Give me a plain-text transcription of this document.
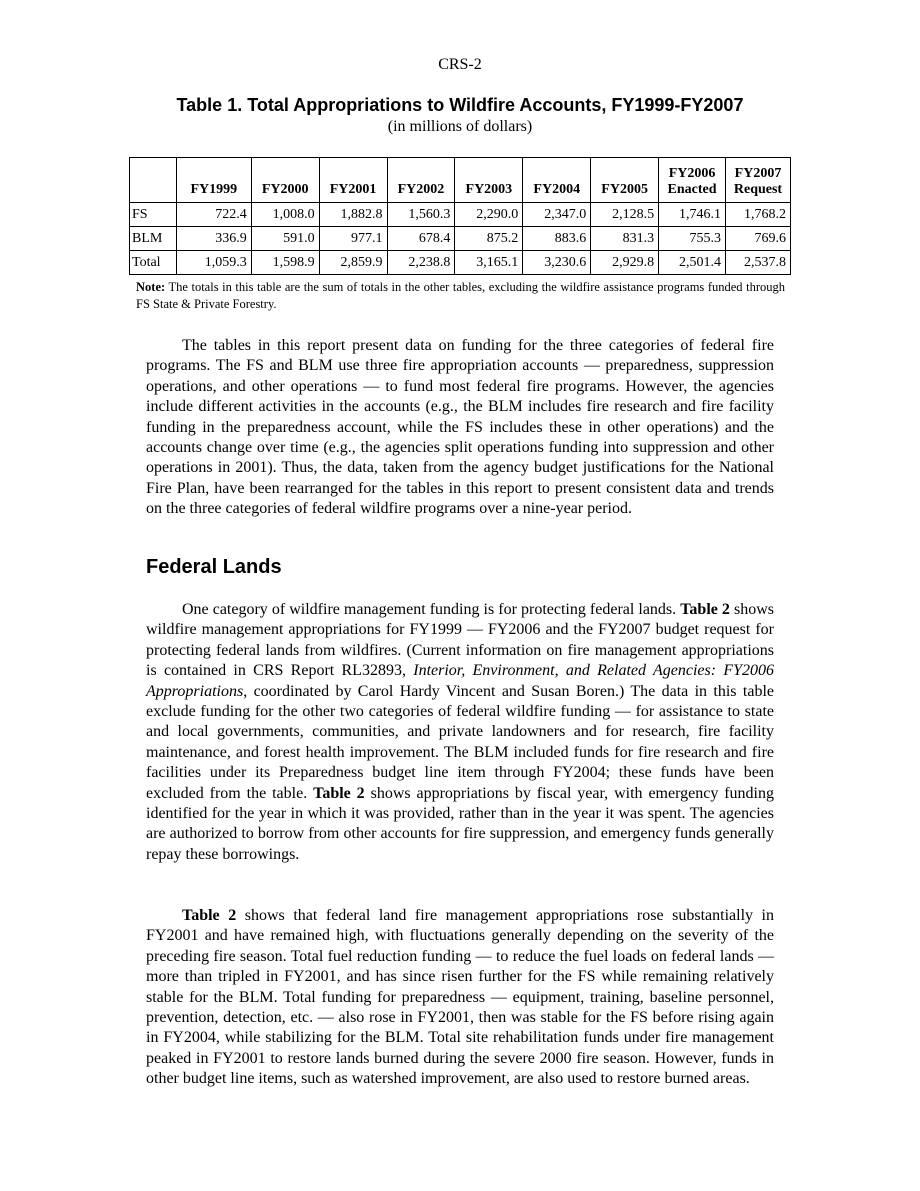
CRS-2
Table 1. Total Appropriations to Wildfire Accounts, FY1999-FY2007
(in millions of dollars)
	FY1999	FY2000	FY2001	FY2002	FY2003	FY2004	FY2005	FY2006 Enacted	FY2007 Request
FS	722.4	1,008.0	1,882.8	1,560.3	2,290.0	2,347.0	2,128.5	1,746.1	1,768.2
BLM	336.9	591.0	977.1	678.4	875.2	883.6	831.3	755.3	769.6
Total	1,059.3	1,598.9	2,859.9	2,238.8	3,165.1	3,230.6	2,929.8	2,501.4	2,537.8
Note: The totals in this table are the sum of totals in the other tables, excluding the wildfire assistance programs funded through FS State & Private Forestry.

The tables in this report present data on funding for the three categories of federal fire programs. The FS and BLM use three fire appropriation accounts — preparedness, suppression operations, and other operations — to fund most federal fire programs. However, the agencies include different activities in the accounts (e.g., the BLM includes fire research and fire facility funding in the preparedness account, while the FS includes these in other operations) and the accounts change over time (e.g., the agencies split operations funding into suppression and other operations in 2001). Thus, the data, taken from the agency budget justifications for the National Fire Plan, have been rearranged for the tables in this report to present consistent data and trends on the three categories of federal wildfire programs over a nine-year period.

Federal Lands

One category of wildfire management funding is for protecting federal lands. Table 2 shows wildfire management appropriations for FY1999 — FY2006 and the FY2007 budget request for protecting federal lands from wildfires. (Current information on fire management appropriations is contained in CRS Report RL32893, Interior, Environment, and Related Agencies: FY2006 Appropriations, coordinated by Carol Hardy Vincent and Susan Boren.) The data in this table exclude funding for the other two categories of federal wildfire funding — for assistance to state and local governments, communities, and private landowners and for research, fire facility maintenance, and forest health improvement. The BLM included funds for fire research and fire facilities under its Preparedness budget line item through FY2004; these funds have been excluded from the table. Table 2 shows appropriations by fiscal year, with emergency funding identified for the year in which it was provided, rather than in the year it was spent. The agencies are authorized to borrow from other accounts for fire suppression, and emergency funds generally repay these borrowings.

Table 2 shows that federal land fire management appropriations rose substantially in FY2001 and have remained high, with fluctuations generally depending on the severity of the preceding fire season. Total fuel reduction funding — to reduce the fuel loads on federal lands — more than tripled in FY2001, and has since risen further for the FS while remaining relatively stable for the BLM. Total funding for preparedness — equipment, training, baseline personnel, prevention, detection, etc. — also rose in FY2001, then was stable for the FS before rising again in FY2004, while stabilizing for the BLM. Total site rehabilitation funds under fire management peaked in FY2001 to restore lands burned during the severe 2000 fire season. However, funds in other budget line items, such as watershed improvement, are also used to restore burned areas.
